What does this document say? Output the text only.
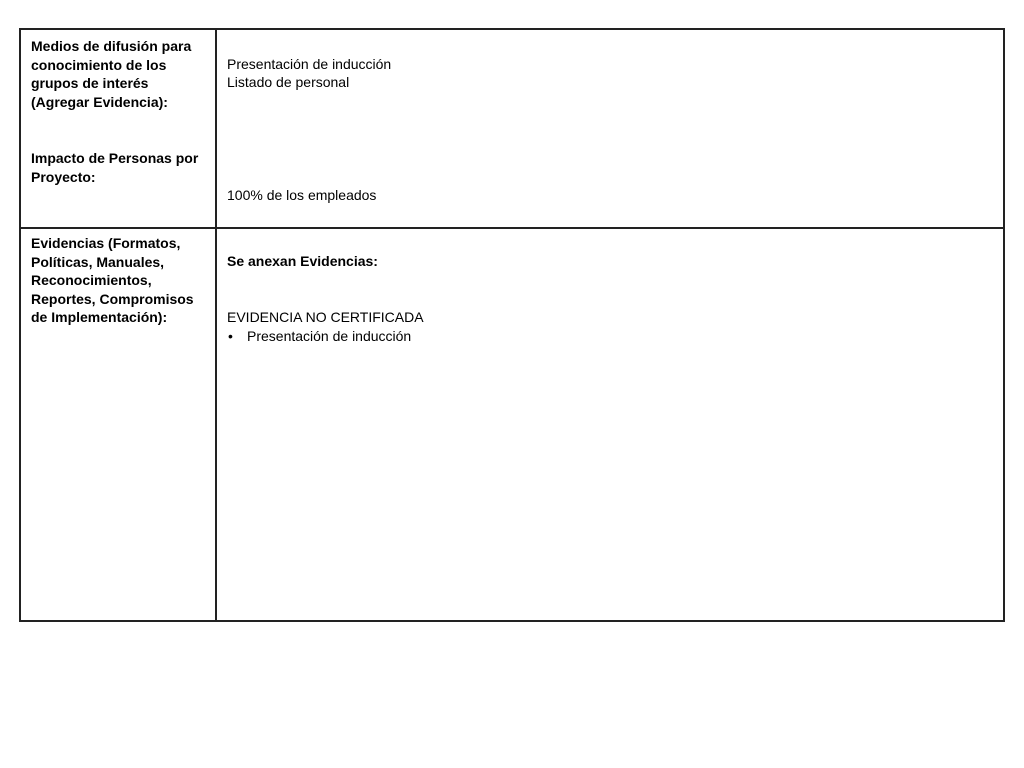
Medios de difusión para conocimiento de los grupos de interés (Agregar Evidencia):

Impacto de Personas por Proyecto:

Presentación de inducción

Listado de personal

100% de los empleados

Evidencias (Formatos, Políticas, Manuales, Reconocimientos, Reportes, Compromisos de Implementación):

Se anexan Evidencias:

EVIDENCIA NO CERTIFICADA

• Presentación de inducción
